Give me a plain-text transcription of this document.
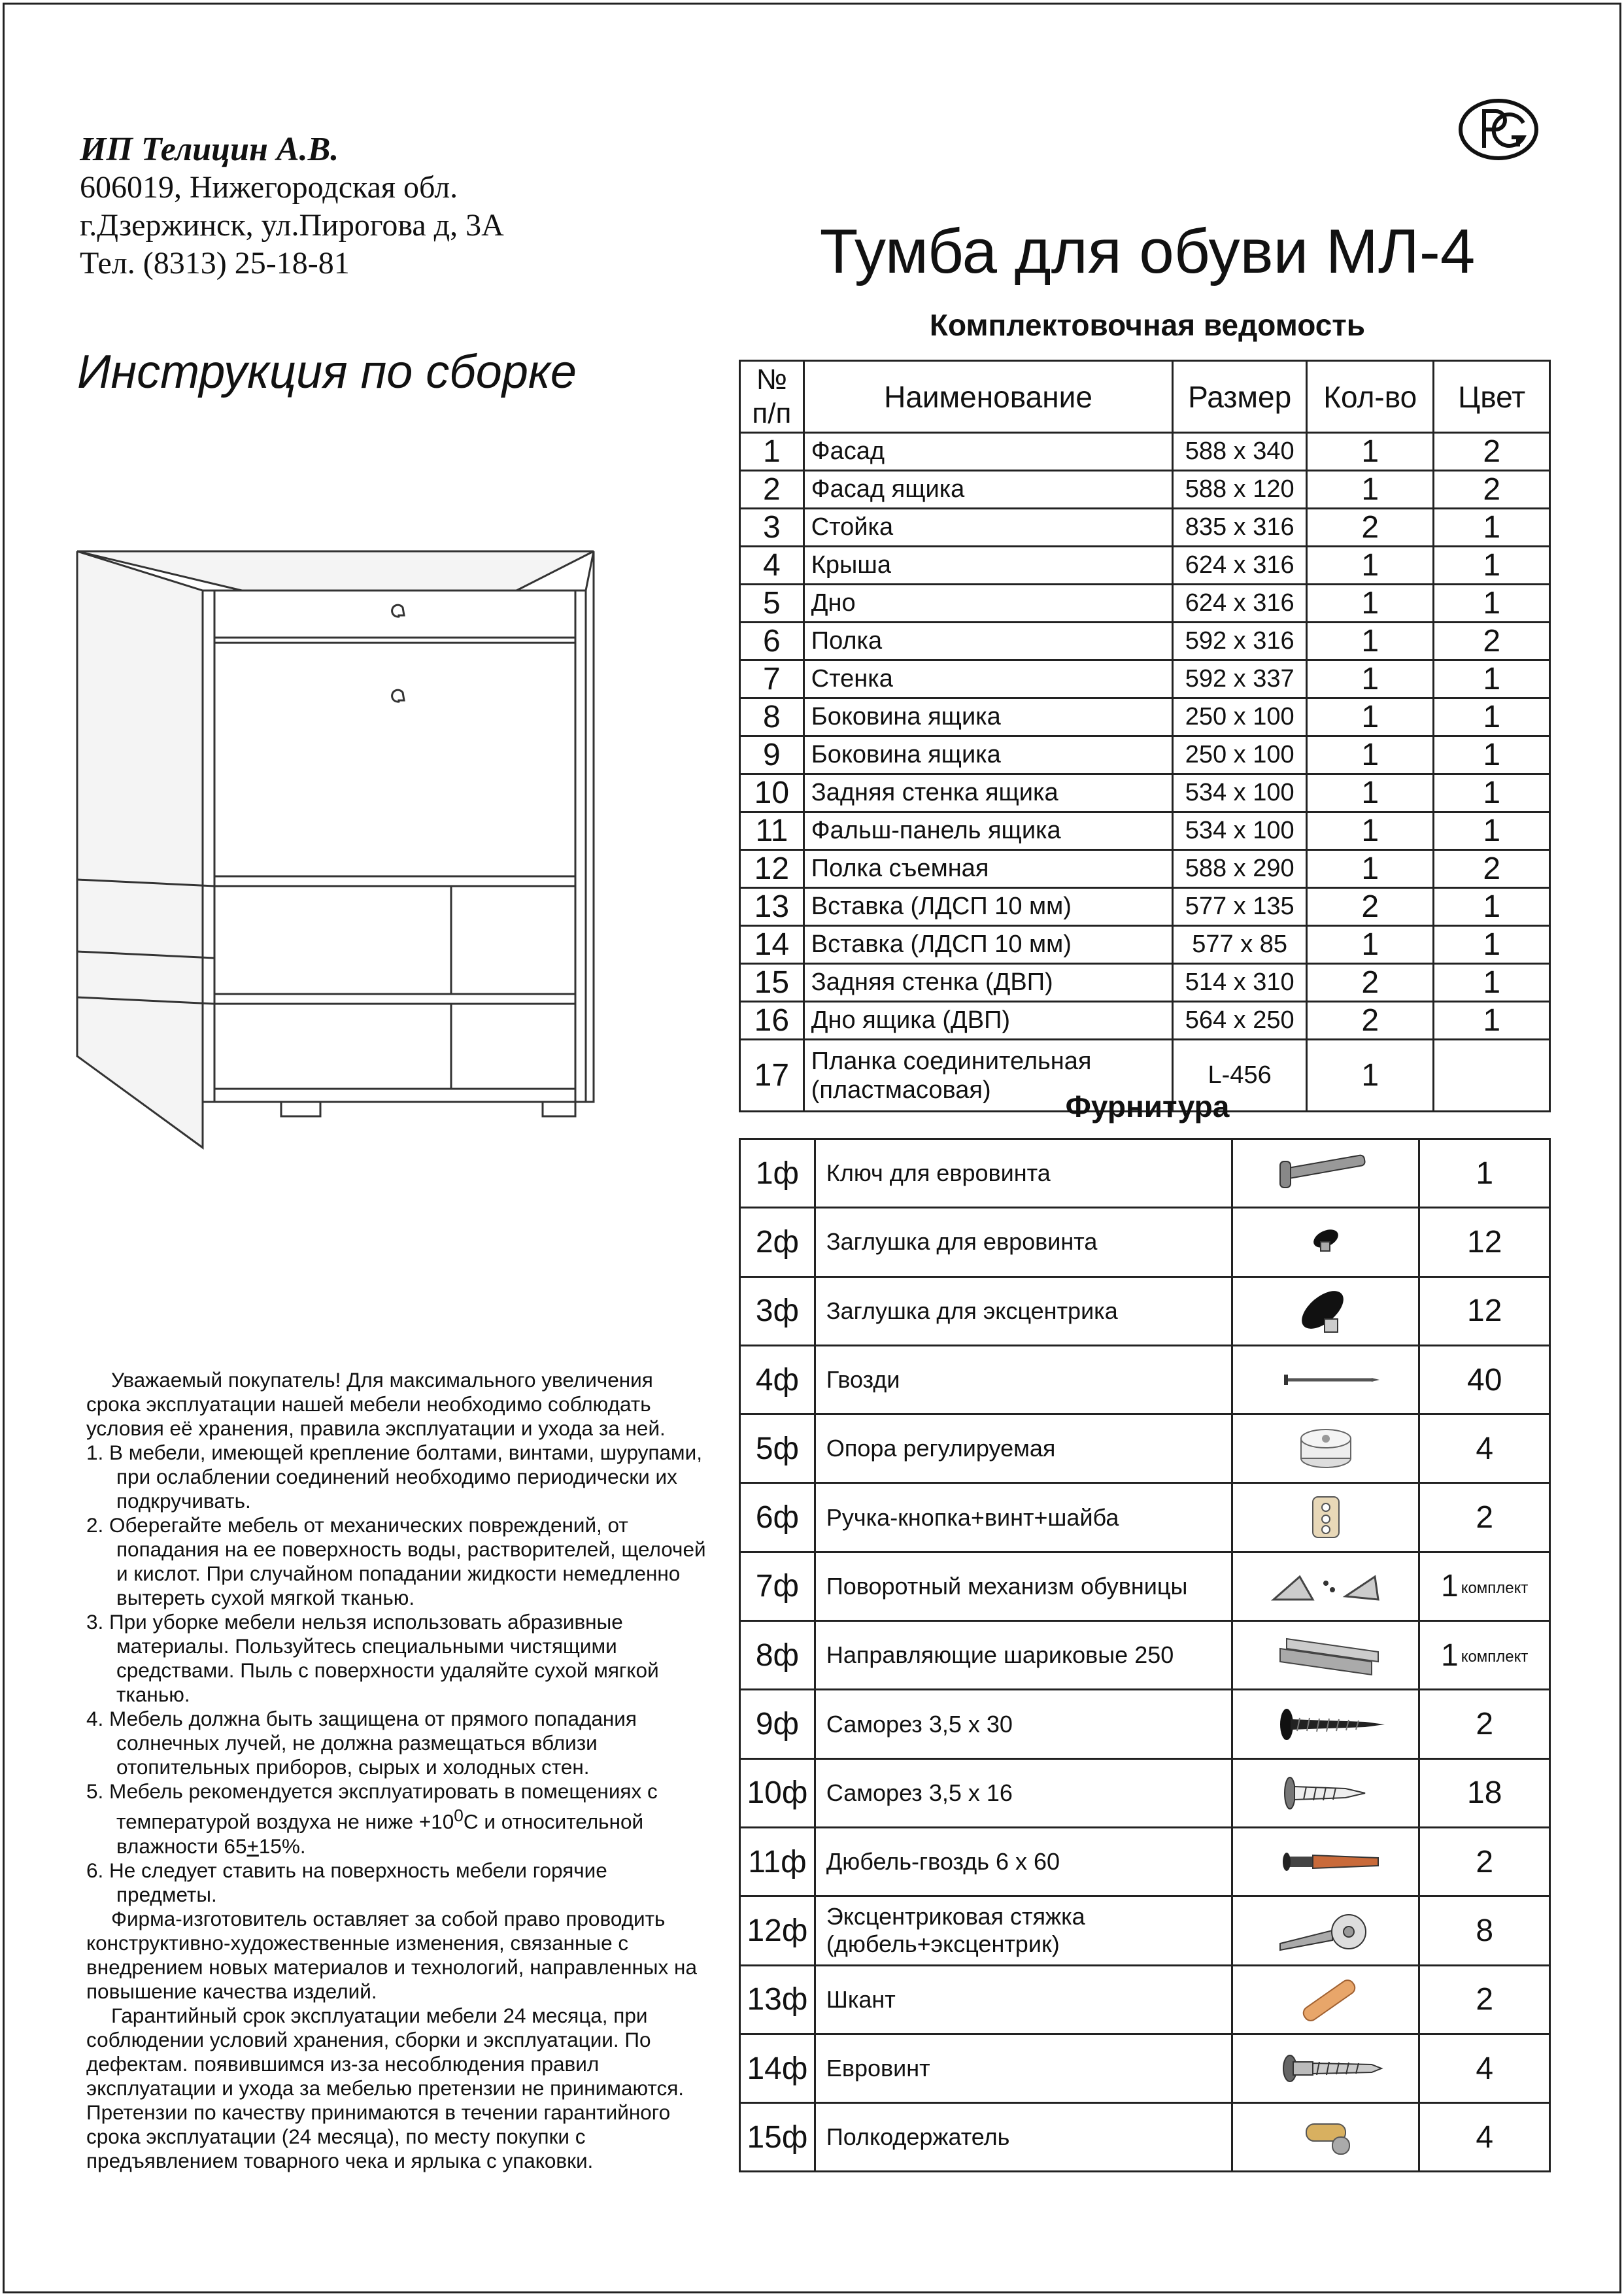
ИП Телицин А.В.
606019, Нижегородская обл.
г.Дзержинск, ул.Пирогова д, 3А
Тел. (8313) 25-18-81	Тумба для обуви МЛ-4
Комплектовочная ведомость
Инструкция по сборке	№
п/п	Наименование	Размер	Кол-во	Цвет
1	Фасад	588 х 340	1	2
2	Фасад ящика	588 х 120	1	2
3	Стойка	835 х 316	2	1
4	Крыша	624 х 316	1	1
5	Дно	624 х 316	1	1
6	Полка	592 х 316	1	2
7	Стенка	592 х 337	1	1
8	Боковина ящика	250 х 100	1	1
9	Боковина ящика	250 х 100	1	1
10	Задняя стенка ящика	534 х 100	1	1
11	Фальш-панель ящика	534 х 100	1	1
12	Полка съемная	588 х 290	1	2
13	Вставка (ЛДСП 10 мм)	577 х 135	2	1
14	Вставка (ЛДСП 10 мм)	577 х 85	1	1
15	Задняя стенка (ДВП)	514 х 310	2	1
16	Дно ящика (ДВП)	564 х 250	2	1
17	Планка соединительная
(пластмасовая)	L-456	1	
Фурнитура
1ф	Ключ для евровинта		1
2ф	Заглушка для евровинта		12
3ф	Заглушка для эксцентрика		12
4ф	Гвозди		40
5ф	Опора регулируемая		4
6ф	Ручка-кнопка+винт+шайба		2
7ф	Поворотный механизм обувницы		1 комплект
8ф	Направляющие шариковые 250		1 комплект
9ф	Саморез 3,5 х 30		2
10ф	Саморез 3,5 х 16		18
11ф	Дюбель-гвоздь 6 х 60		2
12ф	Эксцентриковая стяжка
(дюбель+эксцентрик)		8
13ф	Шкант		2
14ф	Евровинт		4
15ф	Полкодержатель		4

Уважаемый покупатель! Для максимального увеличения срока эксплуатации нашей мебели необходимо соблюдать условия её хранения, правила эксплуатации и ухода за ней.

1. В мебели, имеющей крепление болтами, винтами, шурупами, при ослаблении соединений необходимо периодически их подкручивать.

2. Оберегайте мебель от механических повреждений, от попадания на ее поверхность воды, растворителей, щелочей и кислот. При случайном попадании жидкости немедленно вытереть сухой мягкой тканью.

3. При уборке мебели нельзя использовать абразивные материалы. Пользуйтесь специальными чистящими средствами. Пыль с поверхности удаляйте сухой мягкой тканью.

4. Мебель должна быть защищена от прямого попадания солнечных лучей, не должна размещаться вблизи отопительных приборов, сырых и холодных стен.

5. Мебель рекомендуется эксплуатировать в помещениях с температурой воздуха не ниже $+10^0С$ и относительной влажности 65+15%.

6. Не следует ставить на поверхность мебели горячие предметы.

Фирма-изготовитель оставляет за собой право проводить конструктивно-художественные изменения, связанные с внедрением новых материалов и технологий, направленных на повышение качества изделий.

Гарантийный срок эксплуатации мебели 24 месяца, при соблюдении условий хранения, сборки и эксплуатации. По дефектам. появившимся из-за несоблюдения правил эксплуатации и ухода за мебелью претензии не принимаются. Претензии по качеству принимаются в течении гарантийного срока эксплуатации (24 месяца), по месту покупки с предъявлением товарного чека и ярлыка с упаковки.
